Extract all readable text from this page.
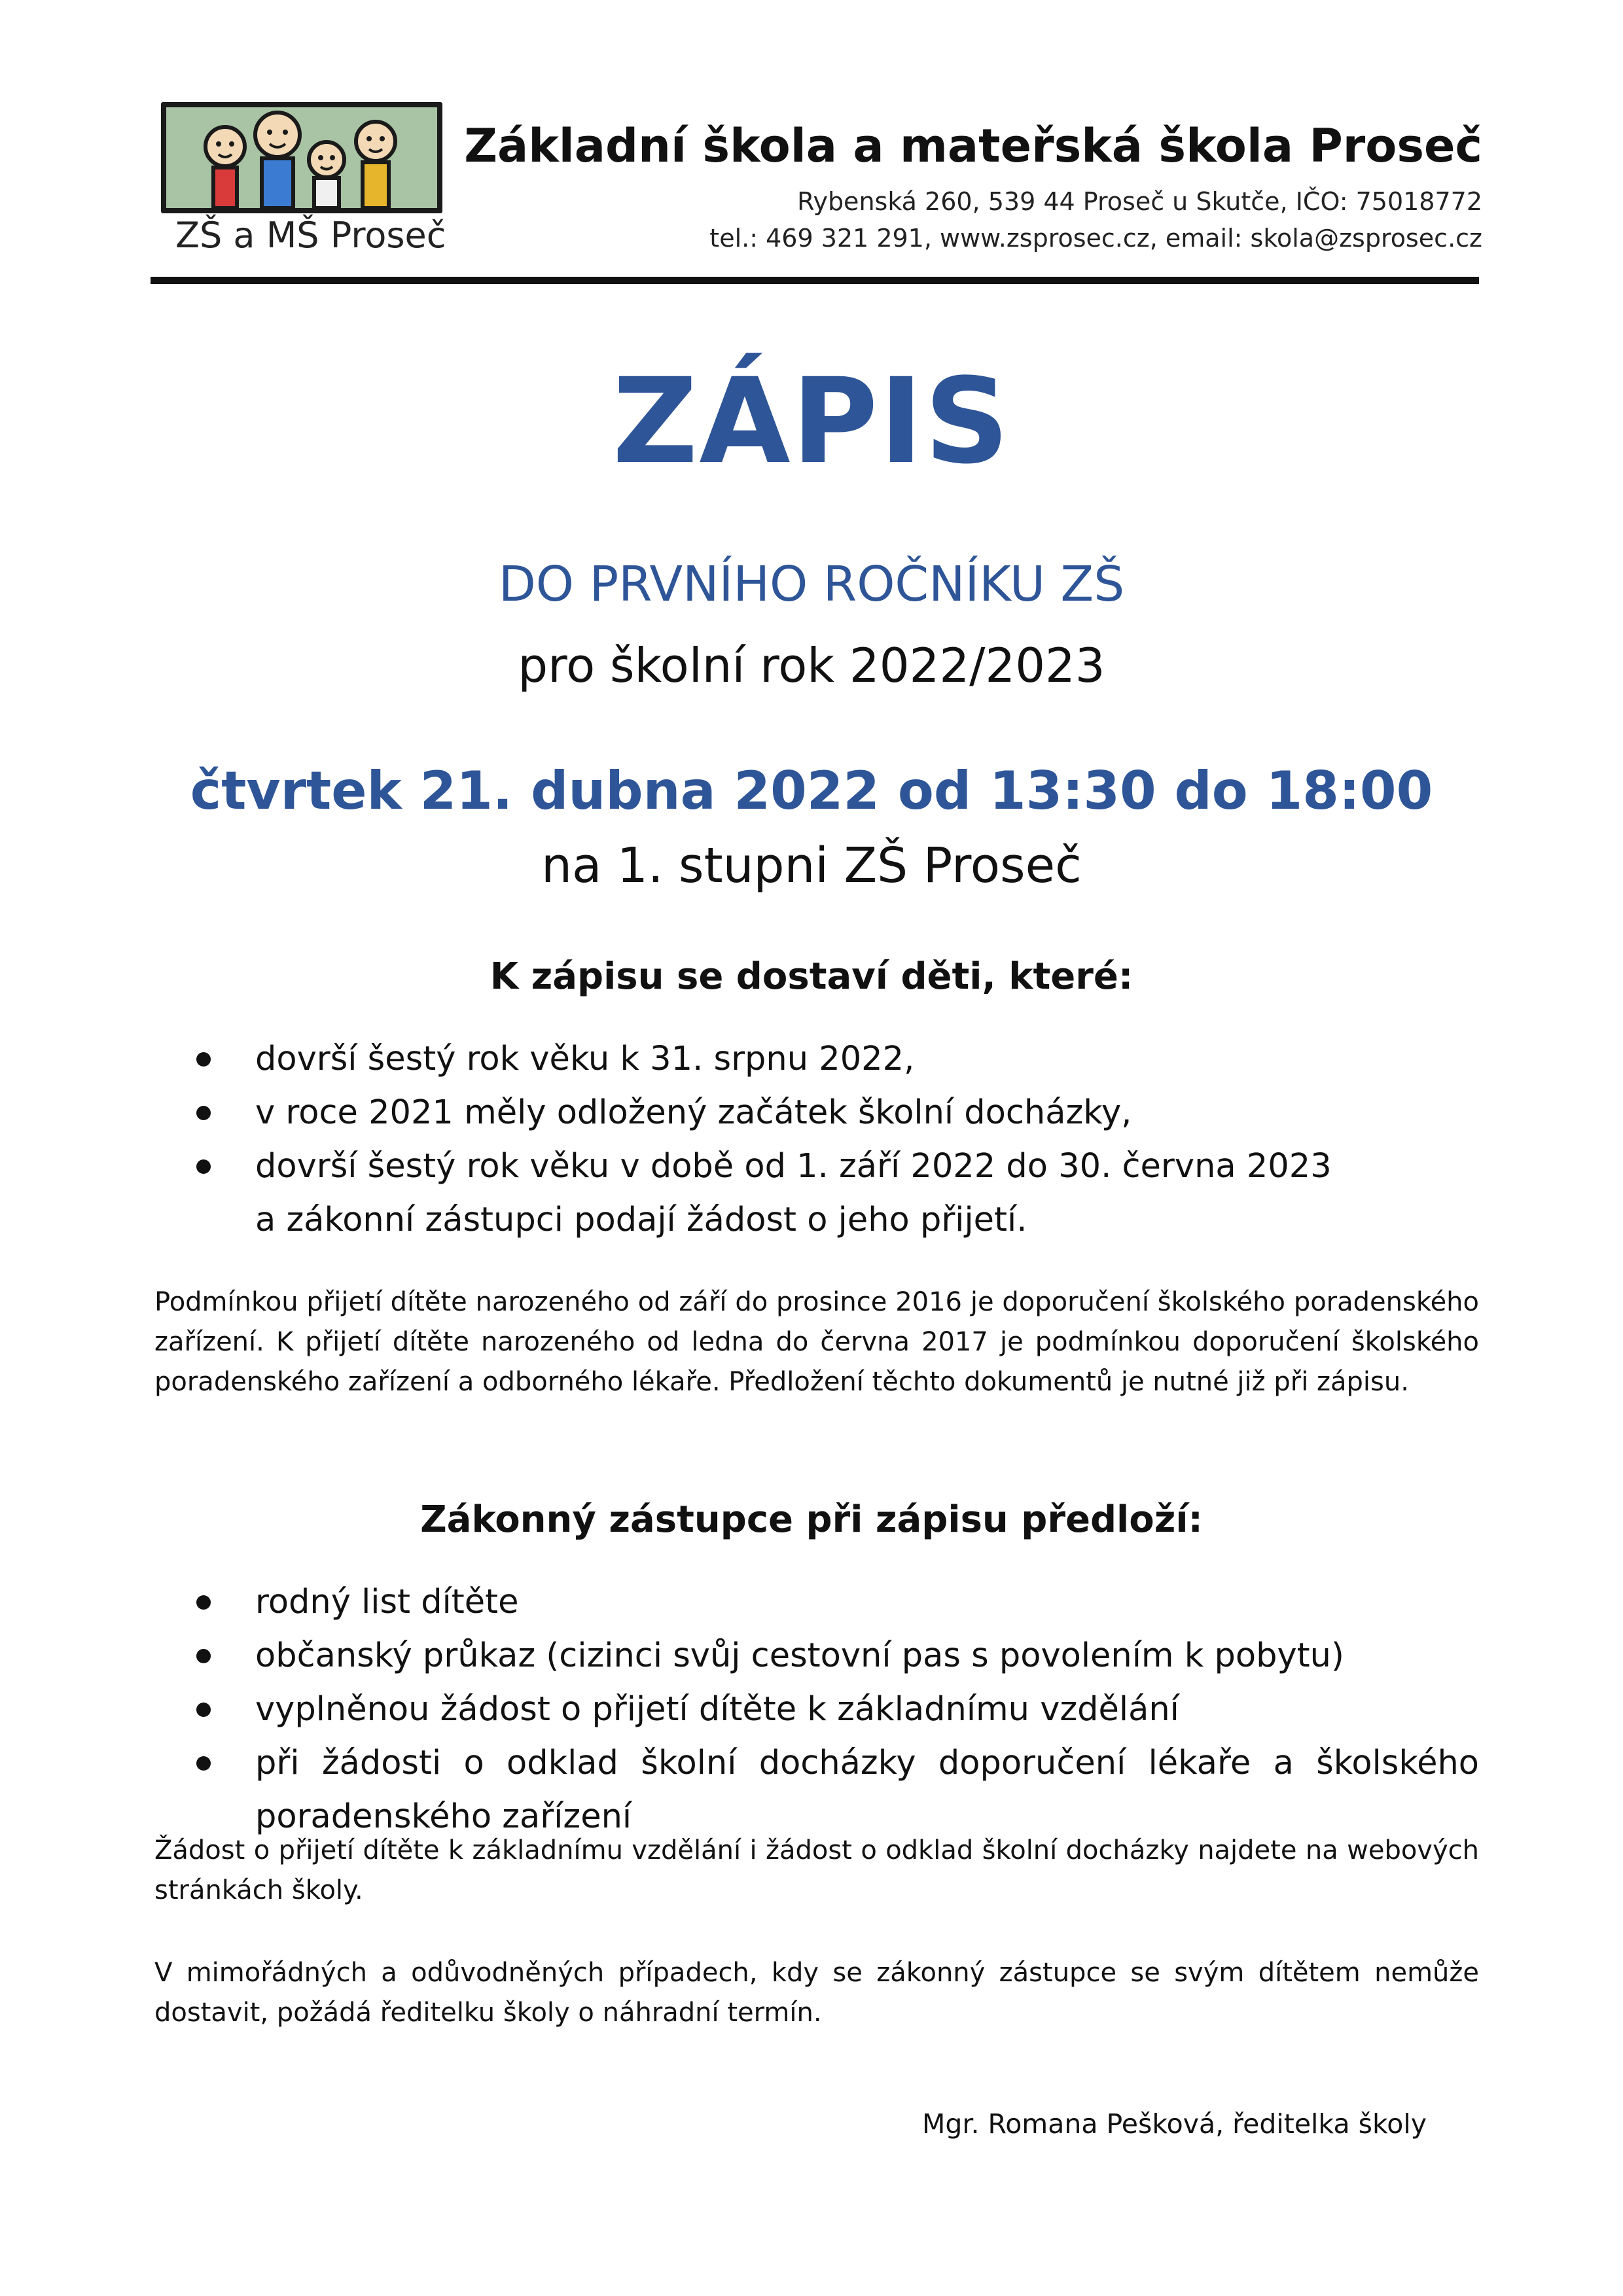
ZŠ a MŠ Proseč
Základní škola a mateřská škola Proseč
Rybenská 260, 539 44 Proseč u Skutče, IČO: 75018772
tel.: 469 321 291, www.zsprosec.cz, email: skola@zsprosec.cz
ZÁPIS
DO PRVNÍHO ROČNÍKU ZŠ
pro školní rok 2022/2023
čtvrtek 21. dubna 2022 od 13:30 do 18:00
na 1. stupni ZŠ Proseč
K zápisu se dostaví děti, které:
dovrší šestý rok věku k 31. srpnu 2022,
v roce 2021 měly odložený začátek školní docházky,
dovrší šestý rok věku v době od 1. září 2022 do 30. června 2023
a zákonní zástupci podají žádost o jeho přijetí.
Podmínkou přijetí dítěte narozeného od září do prosince 2016 je doporučení školského poradenského zařízení. K přijetí dítěte narozeného od ledna do června 2017 je podmínkou doporučení školského poradenského zařízení a odborného lékaře. Předložení těchto dokumentů je nutné již při zápisu.
Zákonný zástupce při zápisu předloží:
rodný list dítěte
občanský průkaz (cizinci svůj cestovní pas s povolením k pobytu)
vyplněnou žádost o přijetí dítěte k základnímu vzdělání
při žádosti o odklad školní docházky doporučení lékaře a školského
poradenského zařízení
Žádost o přijetí dítěte k základnímu vzdělání i žádost o odklad školní docházky najdete na webových stránkách školy.
V mimořádných a odůvodněných případech, kdy se zákonný zástupce se svým dítětem nemůže dostavit, požádá ředitelku školy o náhradní termín.
Mgr. Romana Pešková, ředitelka školy
